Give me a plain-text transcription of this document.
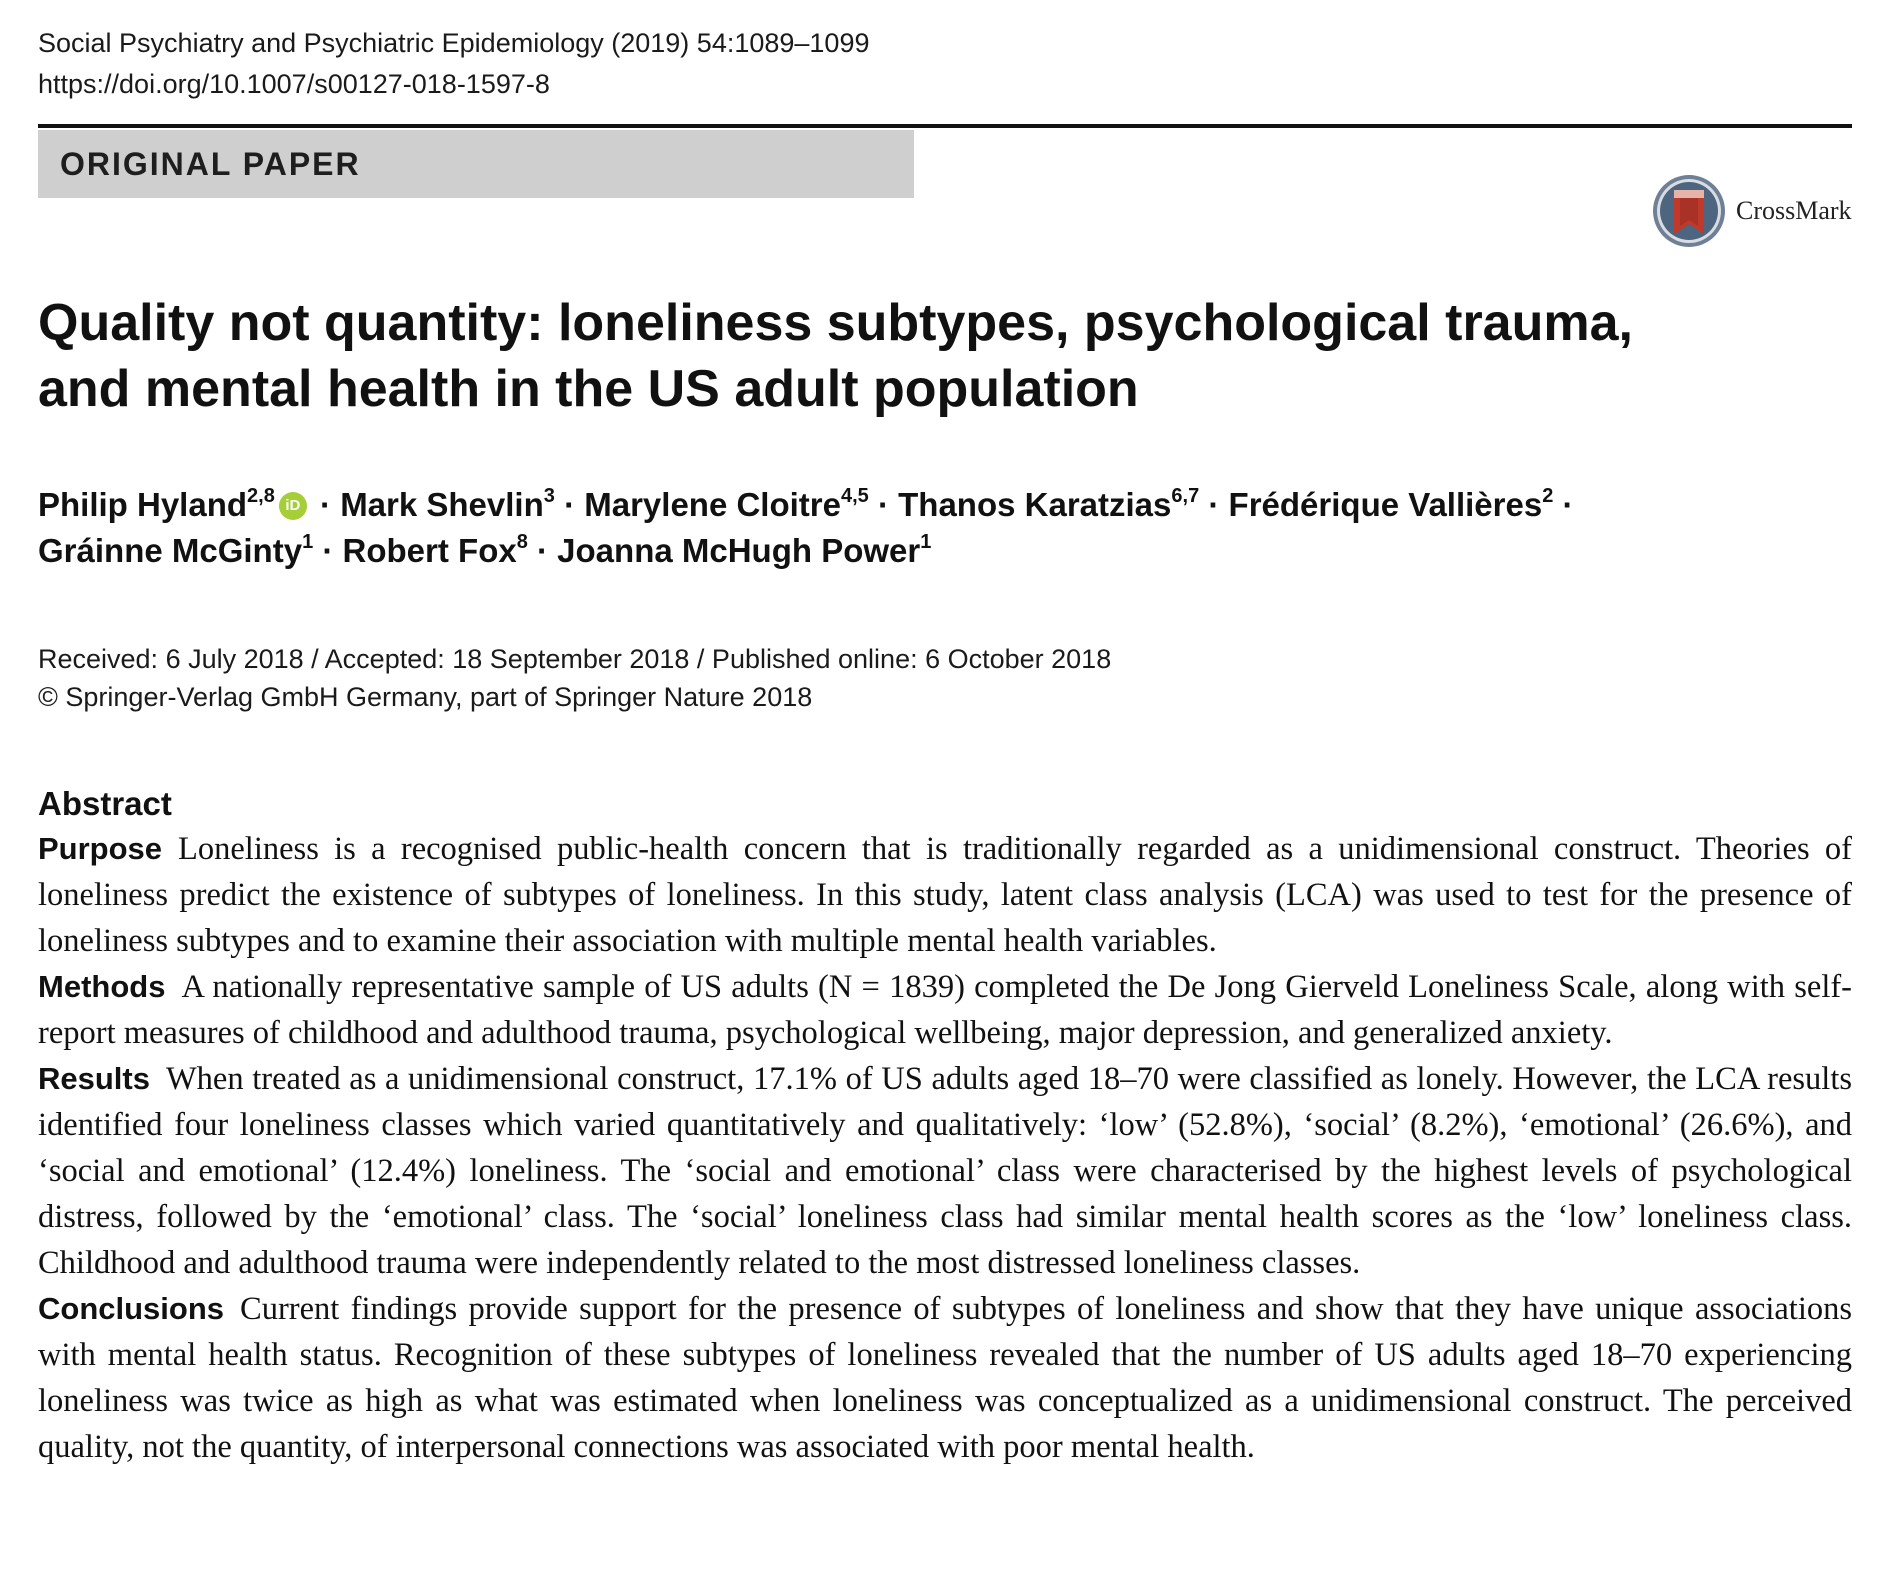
Social Psychiatry and Psychiatric Epidemiology (2019) 54:1089–1099
https://doi.org/10.1007/s00127-018-1597-8
ORIGINAL PAPER
CrossMark
Quality not quantity: loneliness subtypes, psychological trauma,
and mental health in the US adult population

Philip Hyland$^{2,8}$ iD · Mark Shevlin$^3$ · Marylene Cloitre$^{4,5}$ · Thanos Karatzias$^{6,7}$ · Frédérique Vallières$^2$ ·
Gráinne McGinty$^1$ · Robert Fox$^8$ · Joanna McHugh Power$^1$

Received: 6 July 2018 / Accepted: 18 September 2018 / Published online: 6 October 2018
© Springer-Verlag GmbH Germany, part of Springer Nature 2018
Abstract

Purpose Loneliness is a recognised public-health concern that is traditionally regarded as a unidimensional construct. Theories of loneliness predict the existence of subtypes of loneliness. In this study, latent class analysis (LCA) was used to test for the presence of loneliness subtypes and to examine their association with multiple mental health variables.

Methods A nationally representative sample of US adults (N = 1839) completed the De Jong Gierveld Loneliness Scale, along with self-report measures of childhood and adulthood trauma, psychological wellbeing, major depression, and generalized anxiety.

Results When treated as a unidimensional construct, 17.1% of US adults aged 18–70 were classified as lonely. However, the LCA results identified four loneliness classes which varied quantitatively and qualitatively: ‘low’ (52.8%), ‘social’ (8.2%), ‘emotional’ (26.6%), and ‘social and emotional’ (12.4%) loneliness. The ‘social and emotional’ class were characterised by the highest levels of psychological distress, followed by the ‘emotional’ class. The ‘social’ loneliness class had similar mental health scores as the ‘low’ loneliness class. Childhood and adulthood trauma were independently related to the most distressed loneliness classes.

Conclusions Current findings provide support for the presence of subtypes of loneliness and show that they have unique associations with mental health status. Recognition of these subtypes of loneliness revealed that the number of US adults aged 18–70 experiencing loneliness was twice as high as what was estimated when loneliness was conceptualized as a unidimensional construct. The perceived quality, not the quantity, of interpersonal connections was associated with poor mental health.
